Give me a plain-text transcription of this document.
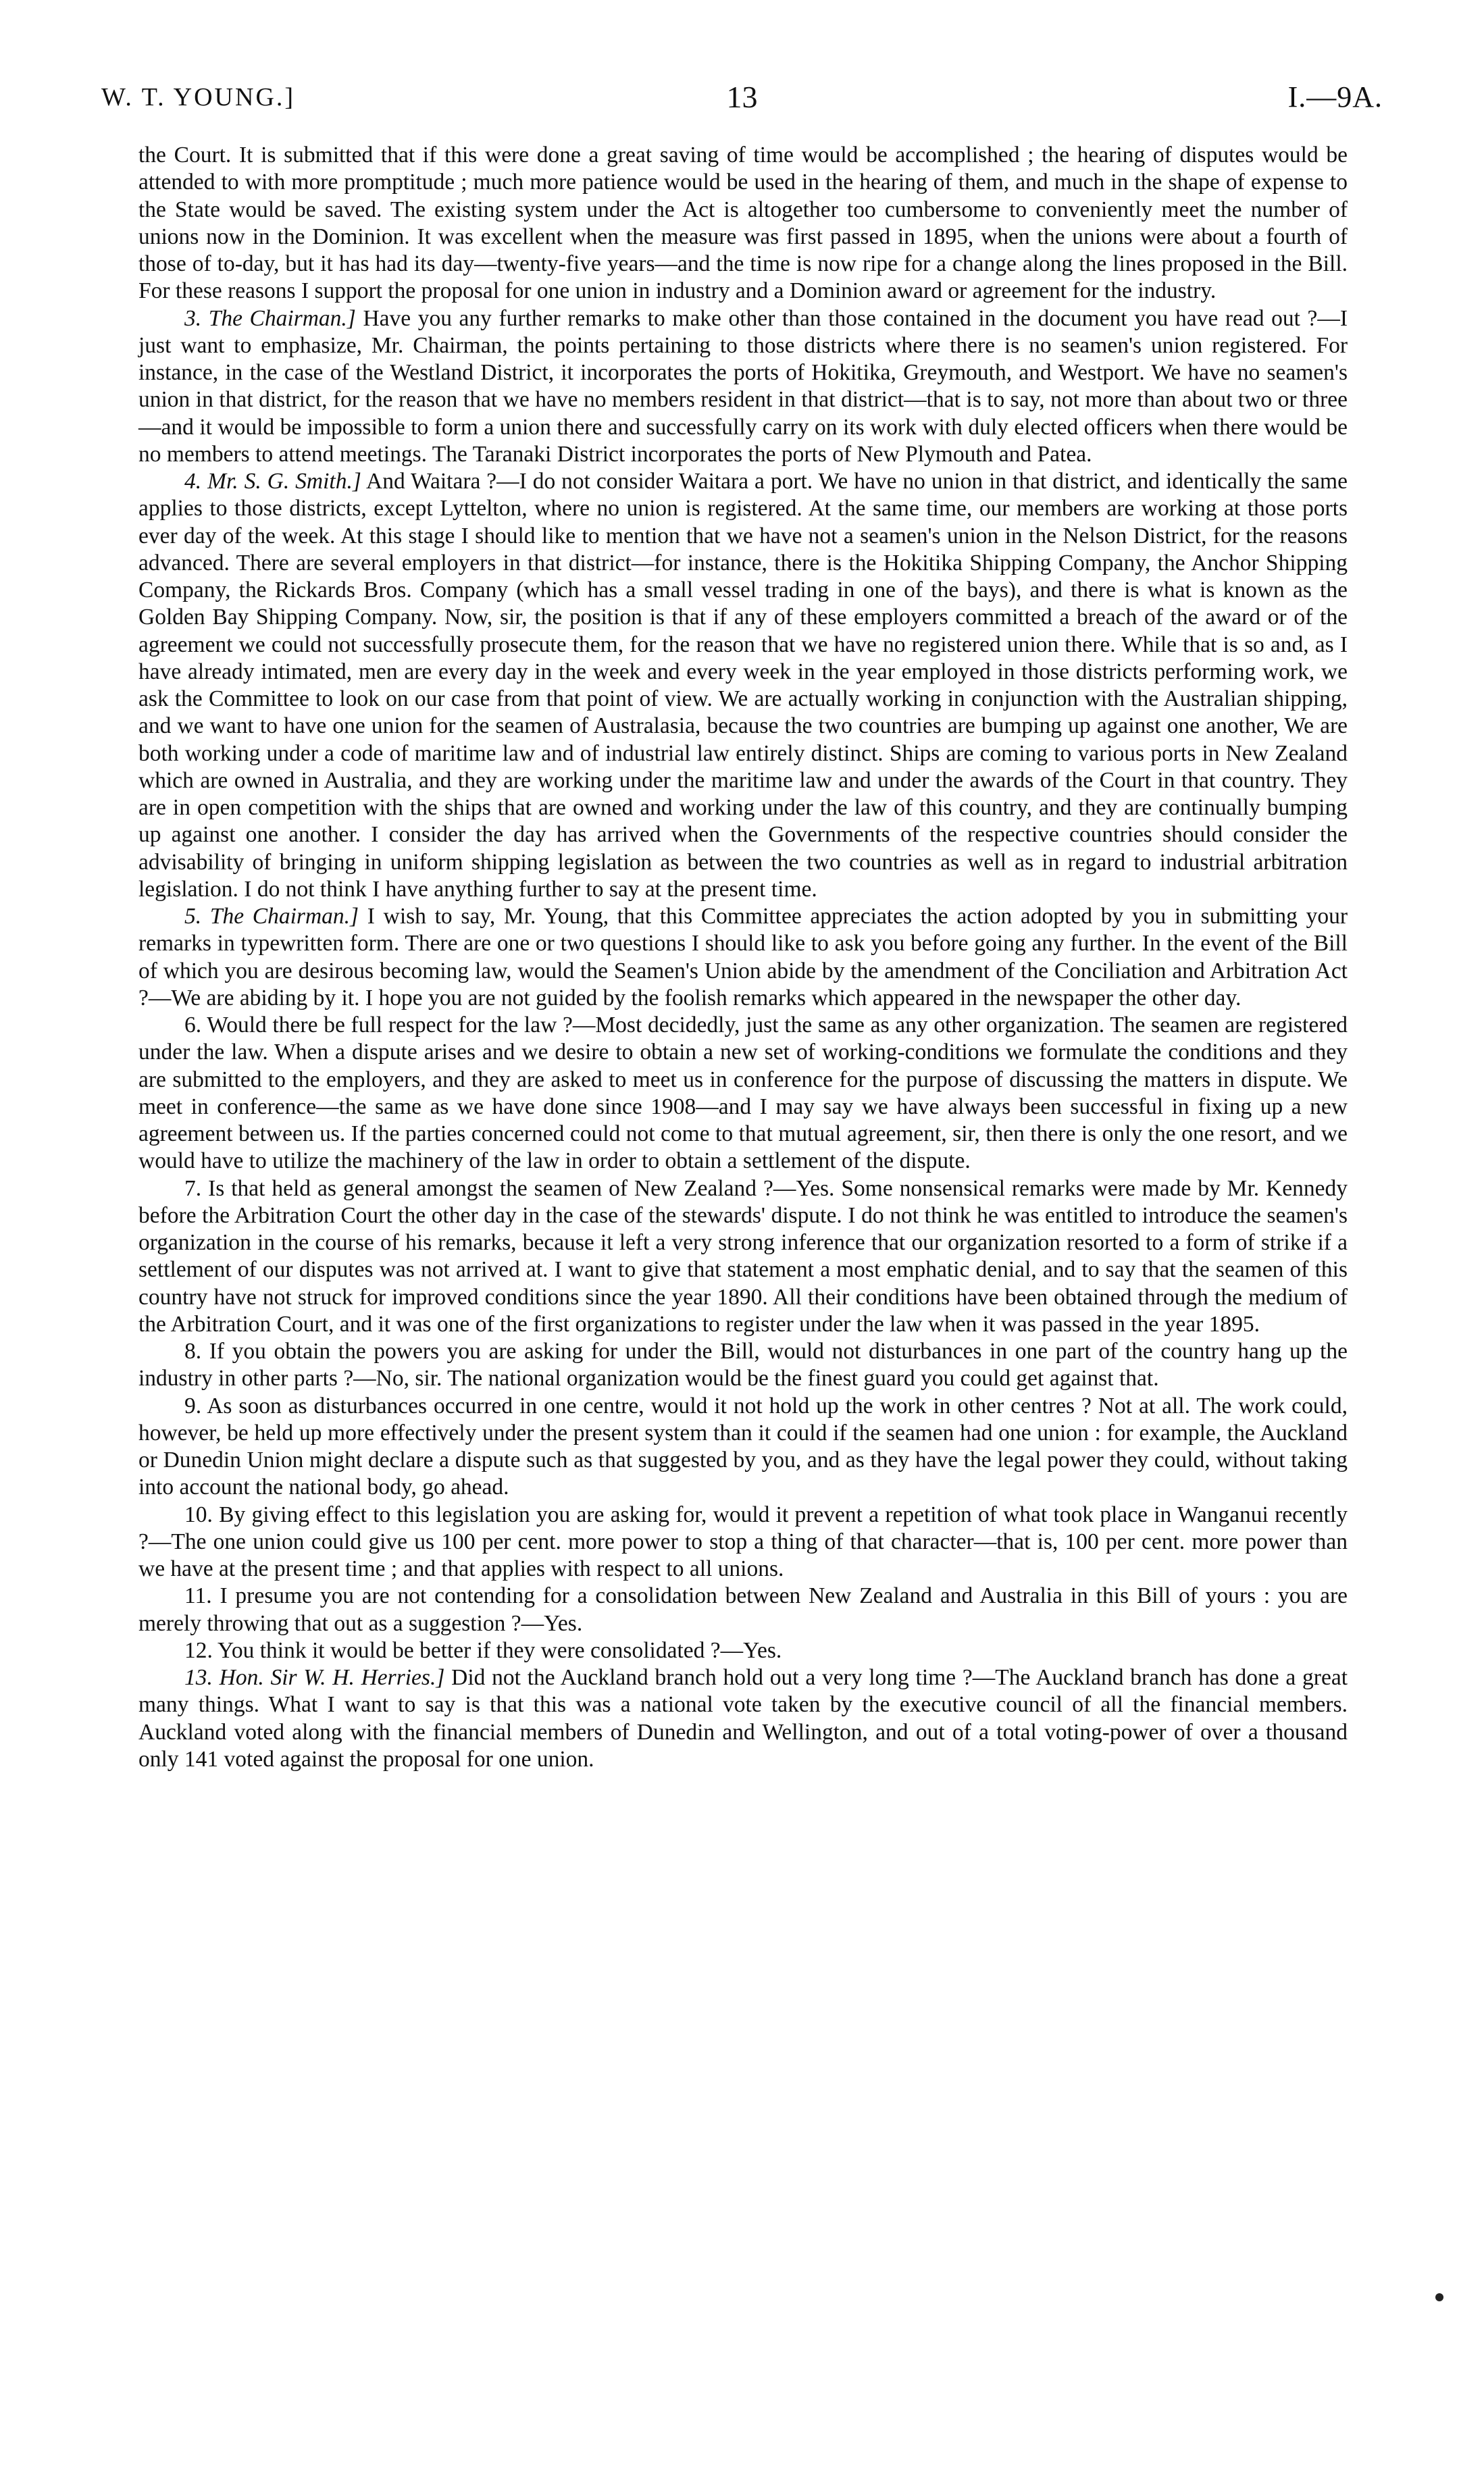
W. T. YOUNG.]	13	I.—9A.

the Court. It is submitted that if this were done a great saving of time would be accomplished ; the hearing of disputes would be attended to with more promptitude ; much more patience would be used in the hearing of them, and much in the shape of expense to the State would be saved. The existing system under the Act is altogether too cumbersome to conveniently meet the number of unions now in the Dominion. It was excellent when the measure was first passed in 1895, when the unions were about a fourth of those of to-day, but it has had its day—twenty-five years—and the time is now ripe for a change along the lines proposed in the Bill. For these reasons I support the proposal for one union in industry and a Dominion award or agreement for the industry.

3. The Chairman.] Have you any further remarks to make other than those contained in the document you have read out ?—I just want to emphasize, Mr. Chairman, the points pertaining to those districts where there is no seamen's union registered. For instance, in the case of the Westland District, it incorporates the ports of Hokitika, Greymouth, and Westport. We have no seamen's union in that district, for the reason that we have no members resident in that district—that is to say, not more than about two or three—and it would be impossible to form a union there and successfully carry on its work with duly elected officers when there would be no members to attend meetings. The Taranaki District incorporates the ports of New Plymouth and Patea.

4. Mr. S. G. Smith.] And Waitara ?—I do not consider Waitara a port. We have no union in that district, and identically the same applies to those districts, except Lyttelton, where no union is registered. At the same time, our members are working at those ports ever day of the week. At this stage I should like to mention that we have not a seamen's union in the Nelson District, for the reasons advanced. There are several employers in that district—for instance, there is the Hokitika Shipping Company, the Anchor Shipping Company, the Rickards Bros. Company (which has a small vessel trading in one of the bays), and there is what is known as the Golden Bay Shipping Company. Now, sir, the position is that if any of these employers committed a breach of the award or of the agreement we could not successfully prosecute them, for the reason that we have no registered union there. While that is so and, as I have already intimated, men are every day in the week and every week in the year employed in those districts performing work, we ask the Committee to look on our case from that point of view. We are actually working in conjunction with the Australian shipping, and we want to have one union for the seamen of Australasia, because the two countries are bumping up against one another, We are both working under a code of maritime law and of industrial law entirely distinct. Ships are coming to various ports in New Zealand which are owned in Australia, and they are working under the maritime law and under the awards of the Court in that country. They are in open competition with the ships that are owned and working under the law of this country, and they are continually bumping up against one another. I consider the day has arrived when the Governments of the respective countries should consider the advisability of bringing in uniform shipping legislation as between the two countries as well as in regard to industrial arbitration legislation. I do not think I have anything further to say at the present time.

5. The Chairman.] I wish to say, Mr. Young, that this Committee appreciates the action adopted by you in submitting your remarks in typewritten form. There are one or two questions I should like to ask you before going any further. In the event of the Bill of which you are desirous becoming law, would the Seamen's Union abide by the amendment of the Conciliation and Arbitration Act ?—We are abiding by it. I hope you are not guided by the foolish remarks which appeared in the newspaper the other day.

6. Would there be full respect for the law ?—Most decidedly, just the same as any other organization. The seamen are registered under the law. When a dispute arises and we desire to obtain a new set of working-conditions we formulate the conditions and they are submitted to the employers, and they are asked to meet us in conference for the purpose of discussing the matters in dispute. We meet in conference—the same as we have done since 1908—and I may say we have always been successful in fixing up a new agreement between us. If the parties concerned could not come to that mutual agreement, sir, then there is only the one resort, and we would have to utilize the machinery of the law in order to obtain a settlement of the dispute.

7. Is that held as general amongst the seamen of New Zealand ?—Yes. Some nonsensical remarks were made by Mr. Kennedy before the Arbitration Court the other day in the case of the stewards' dispute. I do not think he was entitled to introduce the seamen's organization in the course of his remarks, because it left a very strong inference that our organization resorted to a form of strike if a settlement of our disputes was not arrived at. I want to give that statement a most emphatic denial, and to say that the seamen of this country have not struck for improved conditions since the year 1890. All their conditions have been obtained through the medium of the Arbitration Court, and it was one of the first organizations to register under the law when it was passed in the year 1895.

8. If you obtain the powers you are asking for under the Bill, would not disturbances in one part of the country hang up the industry in other parts ?—No, sir. The national organization would be the finest guard you could get against that.

9. As soon as disturbances occurred in one centre, would it not hold up the work in other centres ? Not at all. The work could, however, be held up more effectively under the present system than it could if the seamen had one union : for example, the Auckland or Dunedin Union might declare a dispute such as that suggested by you, and as they have the legal power they could, without taking into account the national body, go ahead.

10. By giving effect to this legislation you are asking for, would it prevent a repetition of what took place in Wanganui recently ?—The one union could give us 100 per cent. more power to stop a thing of that character—that is, 100 per cent. more power than we have at the present time ; and that applies with respect to all unions.

11. I presume you are not contending for a consolidation between New Zealand and Australia in this Bill of yours : you are merely throwing that out as a suggestion ?—Yes.

12. You think it would be better if they were consolidated ?—Yes.

13. Hon. Sir W. H. Herries.] Did not the Auckland branch hold out a very long time ?—The Auckland branch has done a great many things. What I want to say is that this was a national vote taken by the executive council of all the financial members. Auckland voted along with the financial members of Dunedin and Wellington, and out of a total voting-power of over a thousand only 141 voted against the proposal for one union.
